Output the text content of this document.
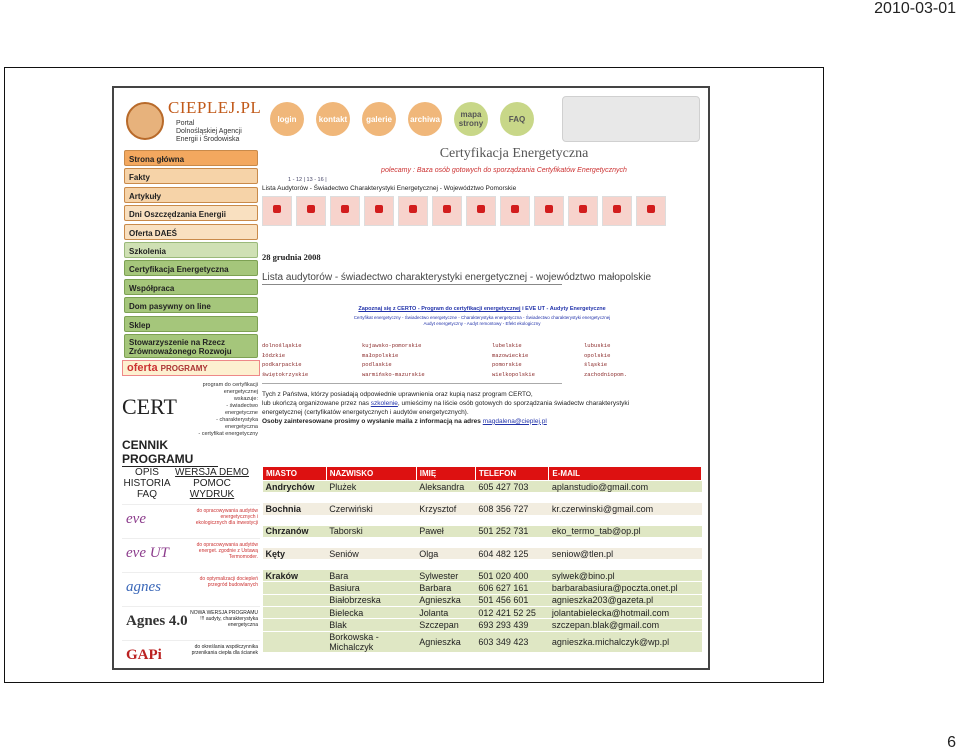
2010-03-01
CIEPLEJ.PL
Portal
Dolnośląskiej Agencji
Energii i Środowiska
Strona główna
Fakty
Artykuły
Dni Oszczędzania Energii
Oferta DAEŚ
Szkolenia
Certyfikacja Energetyczna
Współpraca
Dom pasywny on line
Sklep
Stowarzyszenie na Rzecz Zrównoważonego Rozwoju
oferta PROGRAMY
CERT
program do certyfikacji
energetycznej
wskazuje:
- świadectwo
energetyczne
- charakterystyka energetyczna
- certyfikat energetyczny
CENNIK PROGRAMU
OPIS	WERSJA DEMO
HISTORIA	POMOC
FAQ	WYDRUK
eve	do opracowywania audytów energetycznych i ekologicznych dla inwestycji
eve UT	do opracowywania audytów energet. zgodnie z Ustawą Termomoder.
agnes	do optymalizacji dociepleń przegród budowlanych
Agnes 4.0 NOWA WERSJA PROGRAMU !!! audyty, charakterystyka energetyczna
GAPi	do określania współczynnika przenikania ciepła dla ścianek
login	kontakt	galerie	archiwa	mapa strony	FAQ
Certyfikacja Energetyczna
polecamy : Baza osób gotowych do sporządzania Certyfikatów Energetycznych
1 - 12 | 13 - 16 |
Lista Audytorów - Świadectwo Charakterystyki Energetycznej - Województwo Pomorskie
28 grudnia 2008
Lista audytorów - świadectwo charakterystyki energetycznej - województwo małopolskie
Zapoznaj się z CERTO - Program do certyfikacji energetycznej i EVE UT - Audyty Energetyczne
Certyfikat energetyczny - Świadectwo energetyczne - Charakterystyka energetyczna - Świadectwo charakterystyki energetycznej
Audyt energetyczny - Audyt remontowy - Efekt ekologiczny
dolnośląskie	kujawsko-pomorskie	lubelskie	lubuskie
łódzkie	małopolskie	mazowieckie	opolskie
podkarpackie	podlaskie	pomorskie	śląskie
świętokrzyskie	warmińsko-mazurskie	wielkopolskie	zachodniopom.
Tych z Państwa, którzy posiadają odpowiednie uprawnienia oraz kupią nasz program CERTO,
lub ukończą organizowane przez nas szkolenie, umieścimy na liście osób gotowych do sporządzania świadectw charakterystyki
energetycznej (certyfikatów energetycznych i audytów energetycznych).
Osoby zainteresowane prosimy o wysłanie maila z informacją na adres magdalena@cieplej.pl
MIASTO	NAZWISKO	IMIĘ	TELEFON	E-MAIL
Andrychów	Plużek	Aleksandra	605 427 703	aplanstudio@gmail.com

Bochnia	Czerwiński	Krzysztof	608 356 727	kr.czerwinski@gmail.com

Chrzanów	Taborski	Paweł	501 252 731	eko_termo_tab@op.pl

Kęty	Seniów	Olga	604 482 125	seniow@tlen.pl

Kraków	Bara	Sylwester	501 020 400	sylwek@bino.pl
	Basiura	Barbara	606 627 161	barbarabasiura@poczta.onet.pl
	Białobrzeska	Agnieszka	501 456 601	agnieszka203@gazeta.pl
	Bielecka	Jolanta	012 421 52 25	jolantabielecka@hotmail.com
	Blak	Szczepan	693 293 439	szczepan.blak@gmail.com
	Borkowska - Michalczyk	Agnieszka	603 349 423	agnieszka.michalczyk@wp.pl
6
